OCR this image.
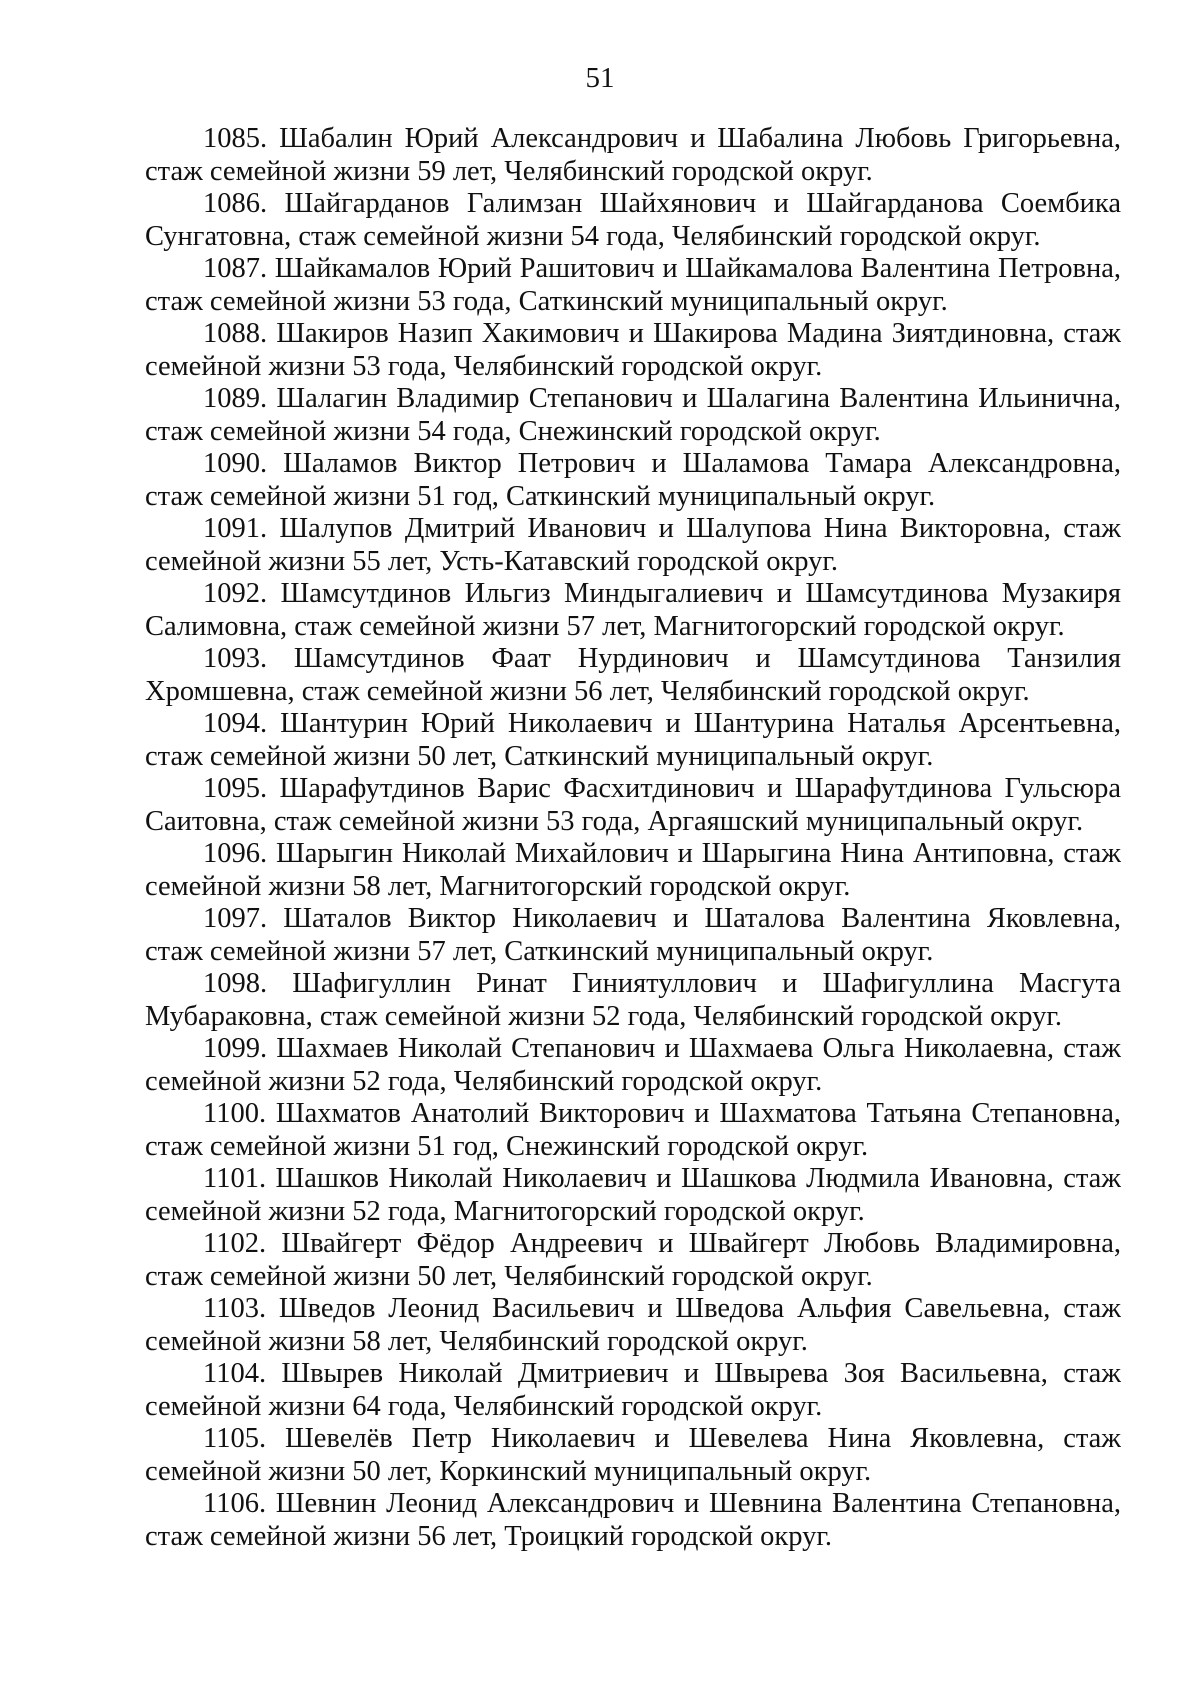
51

1085. Шабалин Юрий Александрович и Шабалина Любовь Григорьевна, стаж семейной жизни 59 лет, Челябинский городской округ.

1086. Шайгарданов Галимзан Шайхянович и Шайгарданова Соембика Сунгатовна, стаж семейной жизни 54 года, Челябинский городской округ.

1087. Шайкамалов Юрий Рашитович и Шайкамалова Валентина Петровна, стаж семейной жизни 53 года, Саткинский муниципальный округ.

1088. Шакиров Назип Хакимович и Шакирова Мадина Зиятдиновна, стаж семейной жизни 53 года, Челябинский городской округ.

1089. Шалагин Владимир Степанович и Шалагина Валентина Ильинична, стаж семейной жизни 54 года, Снежинский городской округ.

1090. Шаламов Виктор Петрович и Шаламова Тамара Александровна, стаж семейной жизни 51 год, Саткинский муниципальный округ.

1091. Шалупов Дмитрий Иванович и Шалупова Нина Викторовна, стаж семейной жизни 55 лет, Усть-Катавский городской округ.

1092. Шамсутдинов Ильгиз Миндыгалиевич и Шамсутдинова Музакиря Салимовна, стаж семейной жизни 57 лет, Магнитогорский городской округ.

1093. Шамсутдинов Фаат Нурдинович и Шамсутдинова Танзилия Хромшевна, стаж семейной жизни 56 лет, Челябинский городской округ.

1094. Шантурин Юрий Николаевич и Шантурина Наталья Арсентьевна, стаж семейной жизни 50 лет, Саткинский муниципальный округ.

1095. Шарафутдинов Варис Фасхитдинович и Шарафутдинова Гульсюра Саитовна, стаж семейной жизни 53 года, Аргаяшский муниципальный округ.

1096. Шарыгин Николай Михайлович и Шарыгина Нина Антиповна, стаж семейной жизни 58 лет, Магнитогорский городской округ.

1097. Шаталов Виктор Николаевич и Шаталова Валентина Яковлевна, стаж семейной жизни 57 лет, Саткинский муниципальный округ.

1098. Шафигуллин Ринат Гиниятуллович и Шафигуллина Масгута Мубараковна, стаж семейной жизни 52 года, Челябинский городской округ.

1099. Шахмаев Николай Степанович и Шахмаева Ольга Николаевна, стаж семейной жизни 52 года, Челябинский городской округ.

1100. Шахматов Анатолий Викторович и Шахматова Татьяна Степановна, стаж семейной жизни 51 год, Снежинский городской округ.

1101. Шашков Николай Николаевич и Шашкова Людмила Ивановна, стаж семейной жизни 52 года, Магнитогорский городской округ.

1102. Швайгерт Фёдор Андреевич и Швайгерт Любовь Владимировна, стаж семейной жизни 50 лет, Челябинский городской округ.

1103. Шведов Леонид Васильевич и Шведова Альфия Савельевна, стаж семейной жизни 58 лет, Челябинский городской округ.

1104. Швырев Николай Дмитриевич и Швырева Зоя Васильевна, стаж семейной жизни 64 года, Челябинский городской округ.

1105. Шевелёв Петр Николаевич и Шевелева Нина Яковлевна, стаж семейной жизни 50 лет, Коркинский муниципальный округ.

1106. Шевнин Леонид Александрович и Шевнина Валентина Степановна, стаж семейной жизни 56 лет, Троицкий городской округ.
